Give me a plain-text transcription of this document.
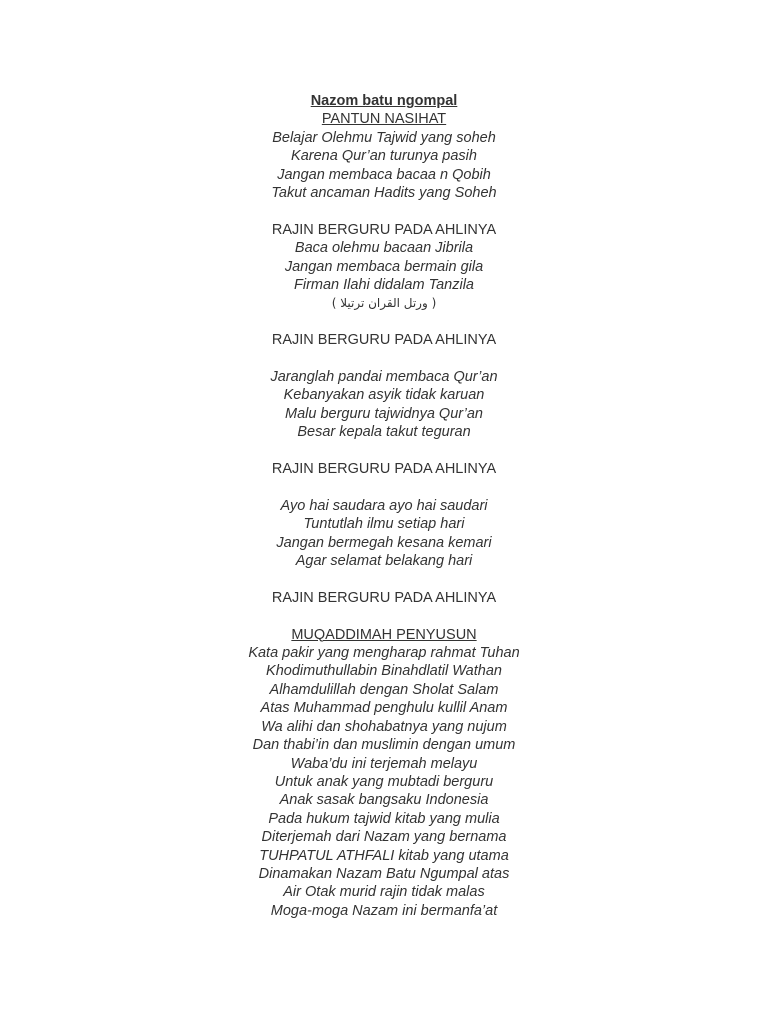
Nazom batu ngompal
PANTUN NASIHAT
Belajar Olehmu Tajwid yang soheh
Karena Qur’an turunya pasih
Jangan membaca bacaa n Qobih
Takut ancaman Hadits yang Soheh
RAJIN BERGURU PADA AHLINYA
Baca olehmu bacaan Jibrila
Jangan membaca bermain gila
Firman Ilahi didalam Tanzila
( ورتل القران ترتيلا )
RAJIN BERGURU PADA AHLINYA
Jaranglah pandai membaca Qur’an
Kebanyakan asyik tidak karuan
Malu berguru tajwidnya Qur’an
Besar kepala takut teguran
RAJIN BERGURU PADA AHLINYA
Ayo hai saudara ayo hai saudari
Tuntutlah ilmu setiap hari
Jangan bermegah kesana kemari
Agar selamat belakang hari
RAJIN BERGURU PADA AHLINYA
MUQADDIMAH PENYUSUN
Kata pakir yang mengharap rahmat Tuhan
Khodimuthullabin Binahdlatil Wathan
Alhamdulillah dengan Sholat Salam
Atas Muhammad penghulu kullil Anam
Wa alihi dan shohabatnya yang nujum
Dan thabi’in dan muslimin dengan umum
Waba’du ini terjemah melayu
Untuk anak yang mubtadi berguru
Anak sasak bangsaku Indonesia
Pada hukum tajwid kitab yang mulia
Diterjemah dari Nazam yang bernama
TUHPATUL ATHFALI kitab yang utama
Dinamakan Nazam Batu Ngumpal atas
Air Otak murid rajin tidak malas
Moga-moga Nazam ini bermanfa’at
